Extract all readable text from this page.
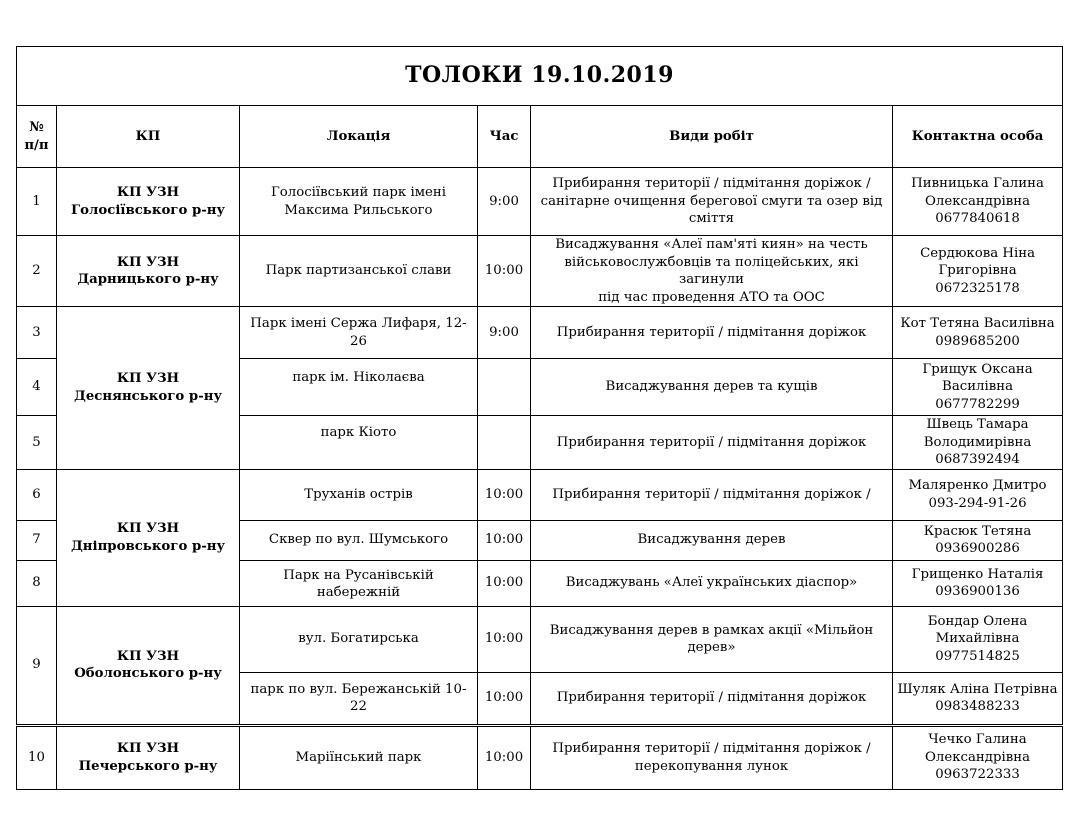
ТОЛОКИ 19.10.2019					
№
п/п	КП	Локація	Час	Види робіт	Контактна особа
1	КП УЗН
Голосіївського р-ну	Голосіївський парк імені
Максима Рильського	9:00	Прибирання території / підмітання доріжок /
санітарне очищення берегової смуги та озер від
сміття	Пивницька Галина
Олександрівна
0677840618
2	КП УЗН
Дарницького р-ну	Парк партизанської слави	10:00	Висаджування «Алеї пам'яті киян» на честь
військовослужбовців та поліцейських, які загинули
під час проведення АТО та ООС	Сердюкова Ніна
Григорівна
0672325178
3	КП УЗН
Деснянського р-ну	Парк імені Сержа Лифаря, 12-26	9:00	Прибирання території / підмітання доріжок	Кот Тетяна Василівна
0989685200
4		парк ім. Ніколаєва		Висаджування дерев та кущів	Грищук Оксана
Василівна
0677782299
5		парк Кіото		Прибирання території / підмітання доріжок	Швець Тамара
Володимирівна
0687392494
6	КП УЗН
Дніпровського р-ну	Труханів острів	10:00	Прибирання території / підмітання доріжок /	Маляренко Дмитро
093-294-91-26
7		Сквер по вул. Шумського	10:00	Висаджування дерев	Красюк Тетяна
0936900286
8		Парк на Русанівській набережній	10:00	Висаджувань «Алеї українських діаспор»	Грищенко Наталія
0936900136
9	КП УЗН
Оболонського р-ну	вул. Богатирська	10:00	Висаджування дерев в рамках акції «Мільйон
дерев»	Бондар Олена
Михайлівна
0977514825
		парк по вул. Бережанській 10-22	10:00	Прибирання території / підмітання доріжок	Шуляк Аліна Петрівна
0983488233
10	КП УЗН
Печерського р-ну	Маріїнський парк	10:00	Прибирання території / підмітання доріжок /
перекопування лунок	Чечко Галина
Олександрівна
0963722333
